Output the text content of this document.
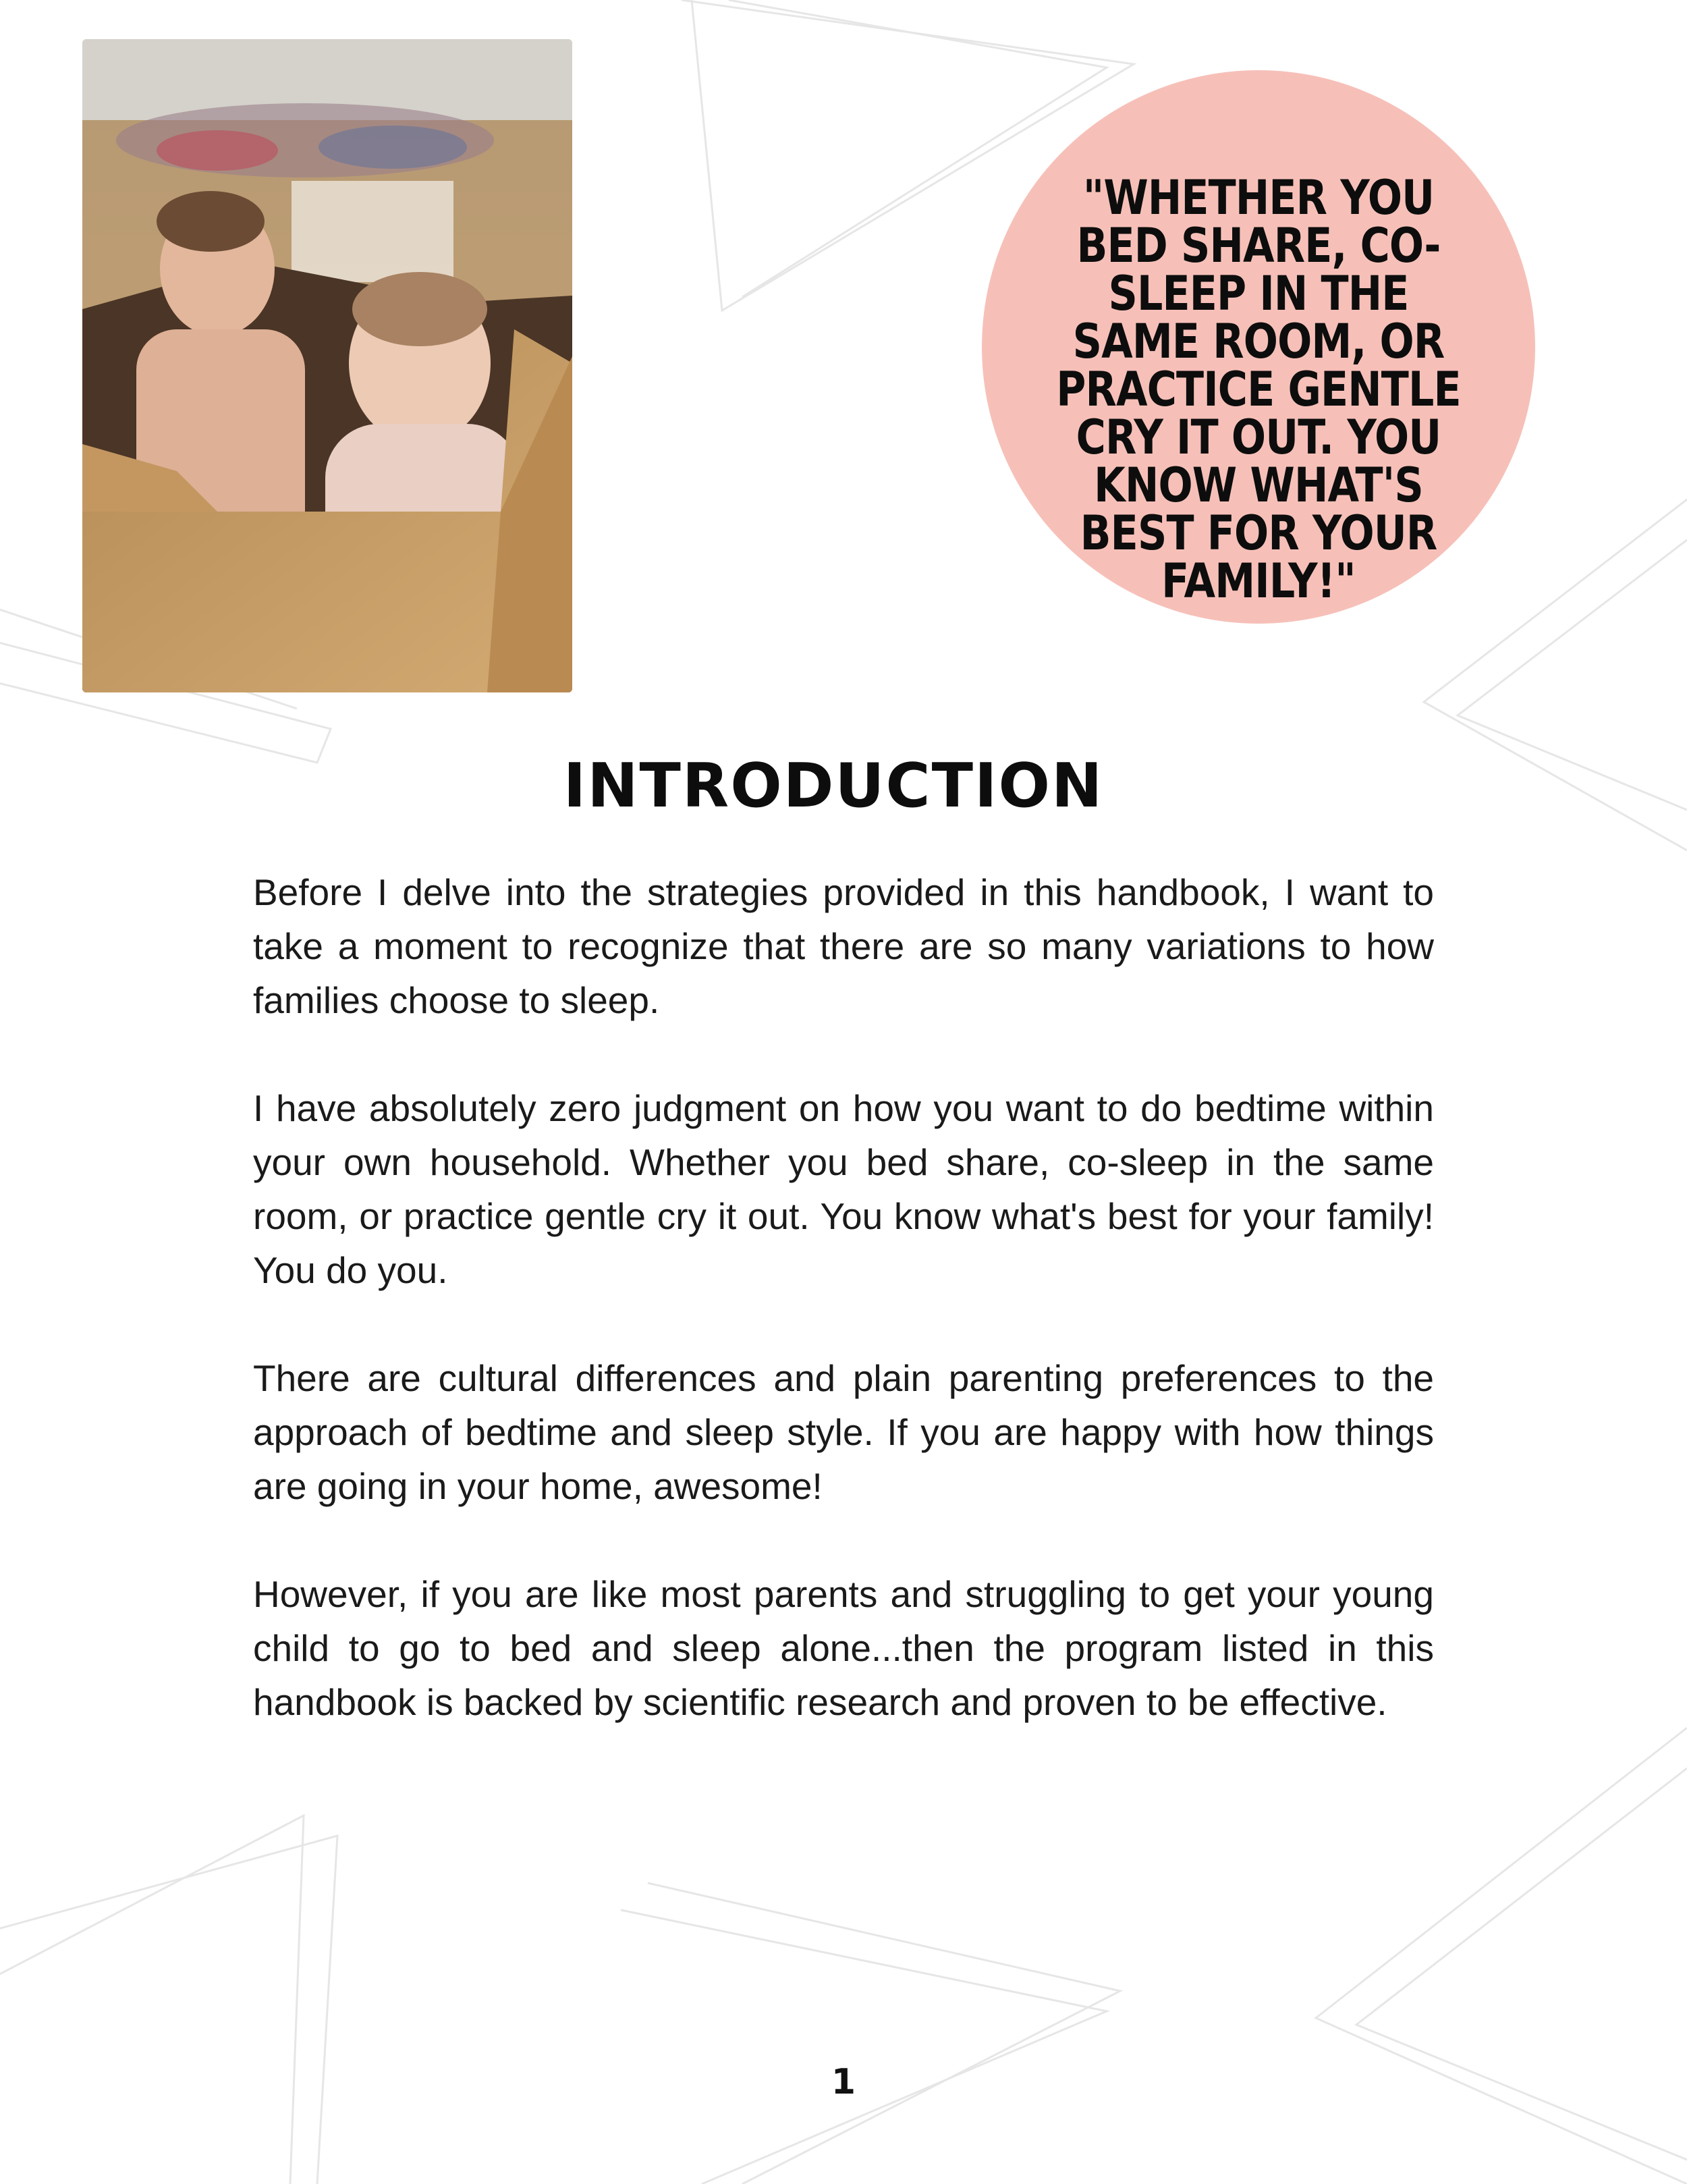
"WHETHER YOU BED SHARE, CO-SLEEP IN THE SAME ROOM, OR PRACTICE GENTLE CRY IT OUT. YOU KNOW WHAT'S BEST FOR YOUR FAMILY!"

INTRODUCTION

Before I delve into the strategies provided in this handbook, I want to take a moment to recognize that there are so many variations to how families choose to sleep.

I have absolutely zero judgment on how you want to do bedtime within your own household. Whether you bed share, co-sleep in the same room, or practice gentle cry it out. You know what's best for your family! You do you.

There are cultural differences and plain parenting preferences to the approach of bedtime and sleep style. If you are happy with how things are going in your home, awesome!

However, if you are like most parents and struggling to get your young child to go to bed and sleep alone...then the program listed in this handbook is backed by scientific research and proven to be effective.

1
